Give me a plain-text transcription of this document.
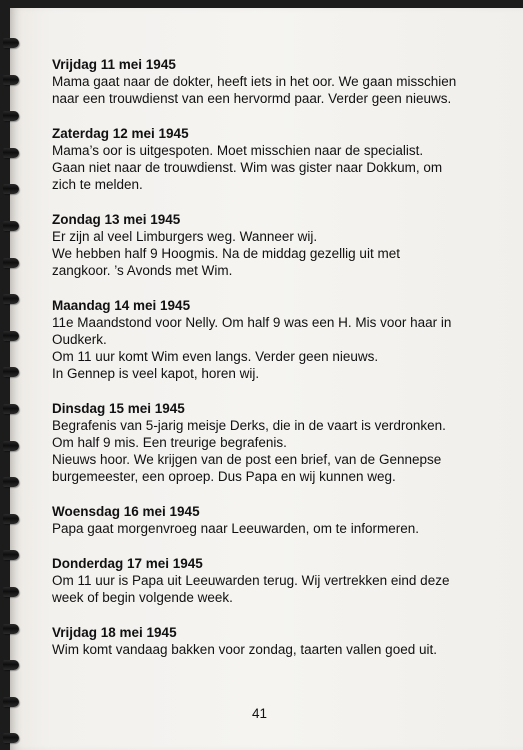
Vrijdag 11 mei 1945
Mama gaat naar de dokter, heeft iets in het oor. We gaan misschien
naar een trouwdienst van een hervormd paar. Verder geen nieuws.
Zaterdag 12 mei 1945
Mama’s oor is uitgespoten. Moet misschien naar de specialist.
Gaan niet naar de trouwdienst. Wim was gister naar Dokkum, om
zich te melden.
Zondag 13 mei 1945
Er zijn al veel Limburgers weg. Wanneer wij.
We hebben half 9 Hoogmis. Na de middag gezellig uit met
zangkoor. ’s Avonds met Wim.
Maandag 14 mei 1945
11e Maandstond voor Nelly. Om half 9 was een H. Mis voor haar in
Oudkerk.
Om 11 uur komt Wim even langs. Verder geen nieuws.
In Gennep is veel kapot, horen wij.
Dinsdag 15 mei 1945
Begrafenis van 5-jarig meisje Derks, die in de vaart is verdronken.
Om half 9 mis. Een treurige begrafenis.
Nieuws hoor. We krijgen van de post een brief, van de Gennepse
burgemeester, een oproep. Dus Papa en wij kunnen weg.
Woensdag 16 mei 1945
Papa gaat morgenvroeg naar Leeuwarden, om te informeren.
Donderdag 17 mei 1945
Om 11 uur is Papa uit Leeuwarden terug. Wij vertrekken eind deze
week of begin volgende week.
Vrijdag 18 mei 1945
Wim komt vandaag bakken voor zondag, taarten vallen goed uit.
41
